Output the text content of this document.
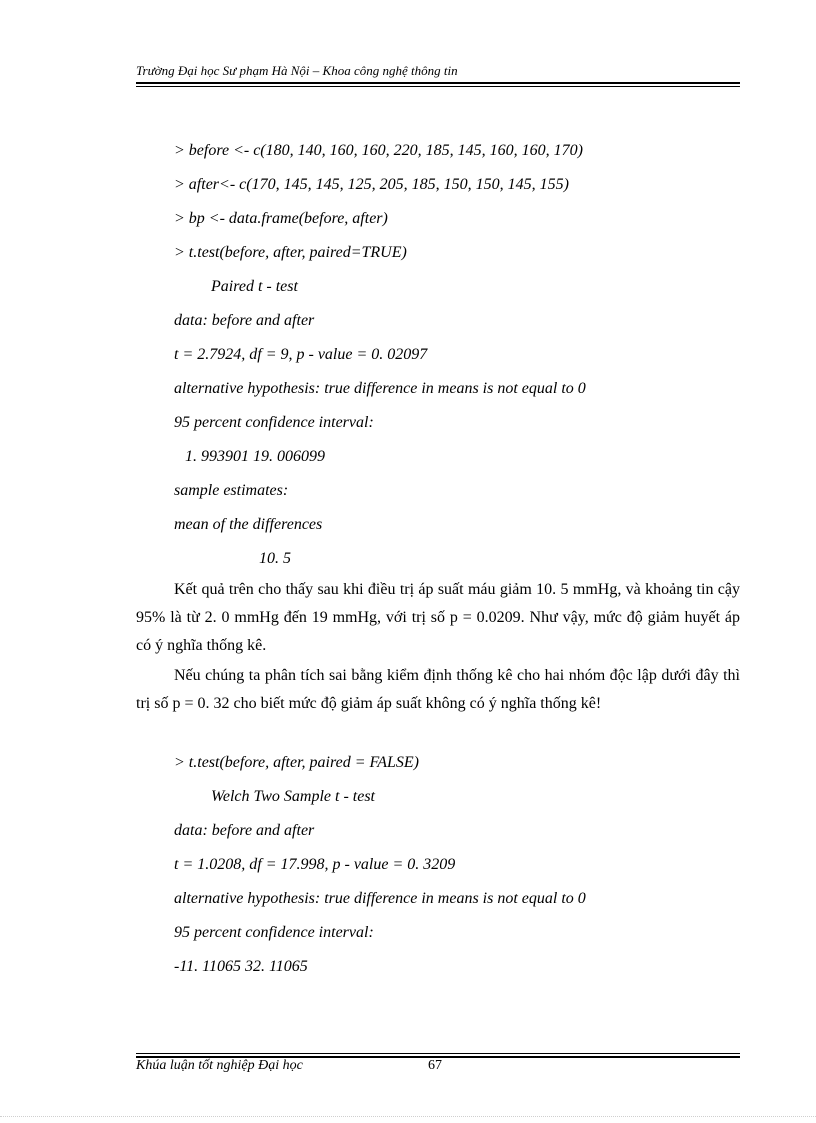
Trường Đại học Sư phạm Hà Nội – Khoa công nghệ thông tin
> before <- c(180, 140, 160, 160, 220, 185, 145, 160, 160, 170)
> after<- c(170, 145, 145, 125, 205, 185, 150, 150, 145, 155)
> bp <- data.frame(before, after)
> t.test(before, after, paired=TRUE)
Paired t - test
data: before and after
t = 2.7924, df = 9, p - value = 0. 02097
alternative hypothesis: true difference in means is not equal to 0
95 percent confidence interval:
1. 993901 19. 006099
sample estimates:
mean of the differences
10. 5

Kết quả trên cho thấy sau khi điều trị áp suất máu giảm 10. 5 mmHg, và khoảng tin cậy 95% là từ 2. 0 mmHg đến 19 mmHg, với trị số p = 0.0209. Như vậy, mức độ giảm huyết áp có ý nghĩa thống kê.

Nếu chúng ta phân tích sai bằng kiểm định thống kê cho hai nhóm độc lập dưới đây thì trị số p = 0. 32 cho biết mức độ giảm áp suất không có ý nghĩa thống kê!

> t.test(before, after, paired = FALSE)
Welch Two Sample t - test
data: before and after
t = 1.0208, df = 17.998, p - value = 0. 3209
alternative hypothesis: true difference in means is not equal to 0
95 percent confidence interval:
-11. 11065 32. 11065
Khúa luận tốt nghiệp Đại học	67
